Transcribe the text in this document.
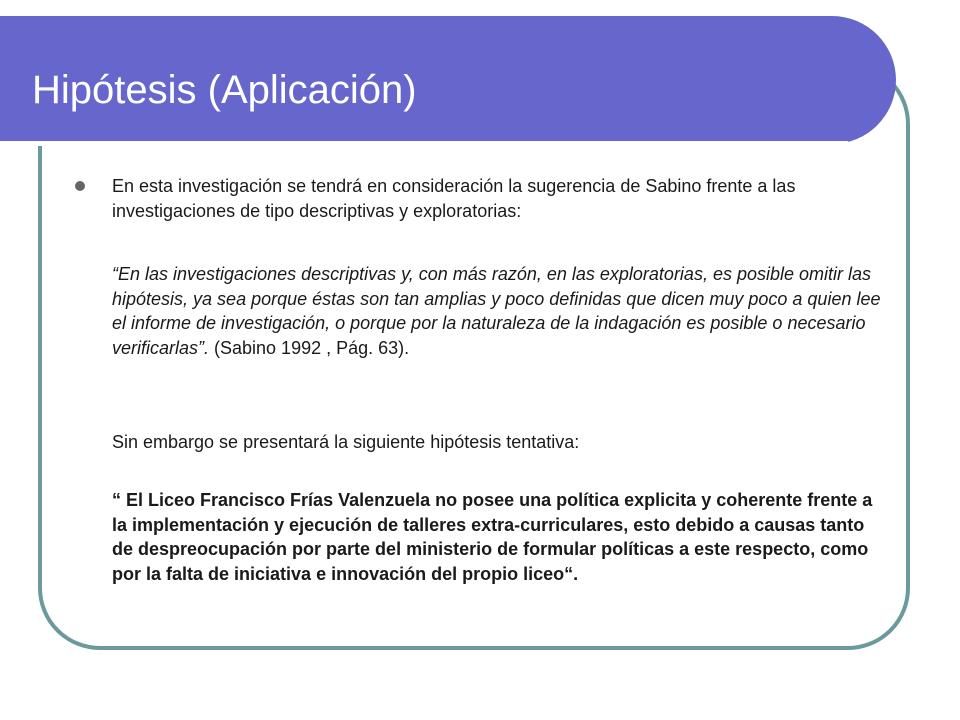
Hipótesis (Aplicación)

En esta investigación se tendrá en consideración la sugerencia de Sabino frente a las investigaciones de tipo descriptivas y exploratorias:

“En las investigaciones descriptivas y, con más razón, en las exploratorias, es posible omitir las hipótesis, ya sea porque éstas son tan amplias y poco definidas que dicen muy poco a quien lee el informe de investigación, o porque por la naturaleza de la indagación es posible o necesario verificarlas”. (Sabino 1992 , Pág. 63).

Sin embargo se presentará la siguiente hipótesis tentativa:

“ El Liceo Francisco Frías Valenzuela no posee una política explicita y coherente frente a la implementación y ejecución de talleres extra-curriculares, esto debido a causas tanto de despreocupación por parte del ministerio de formular políticas a este respecto, como por la falta de iniciativa e innovación del propio liceo“.
